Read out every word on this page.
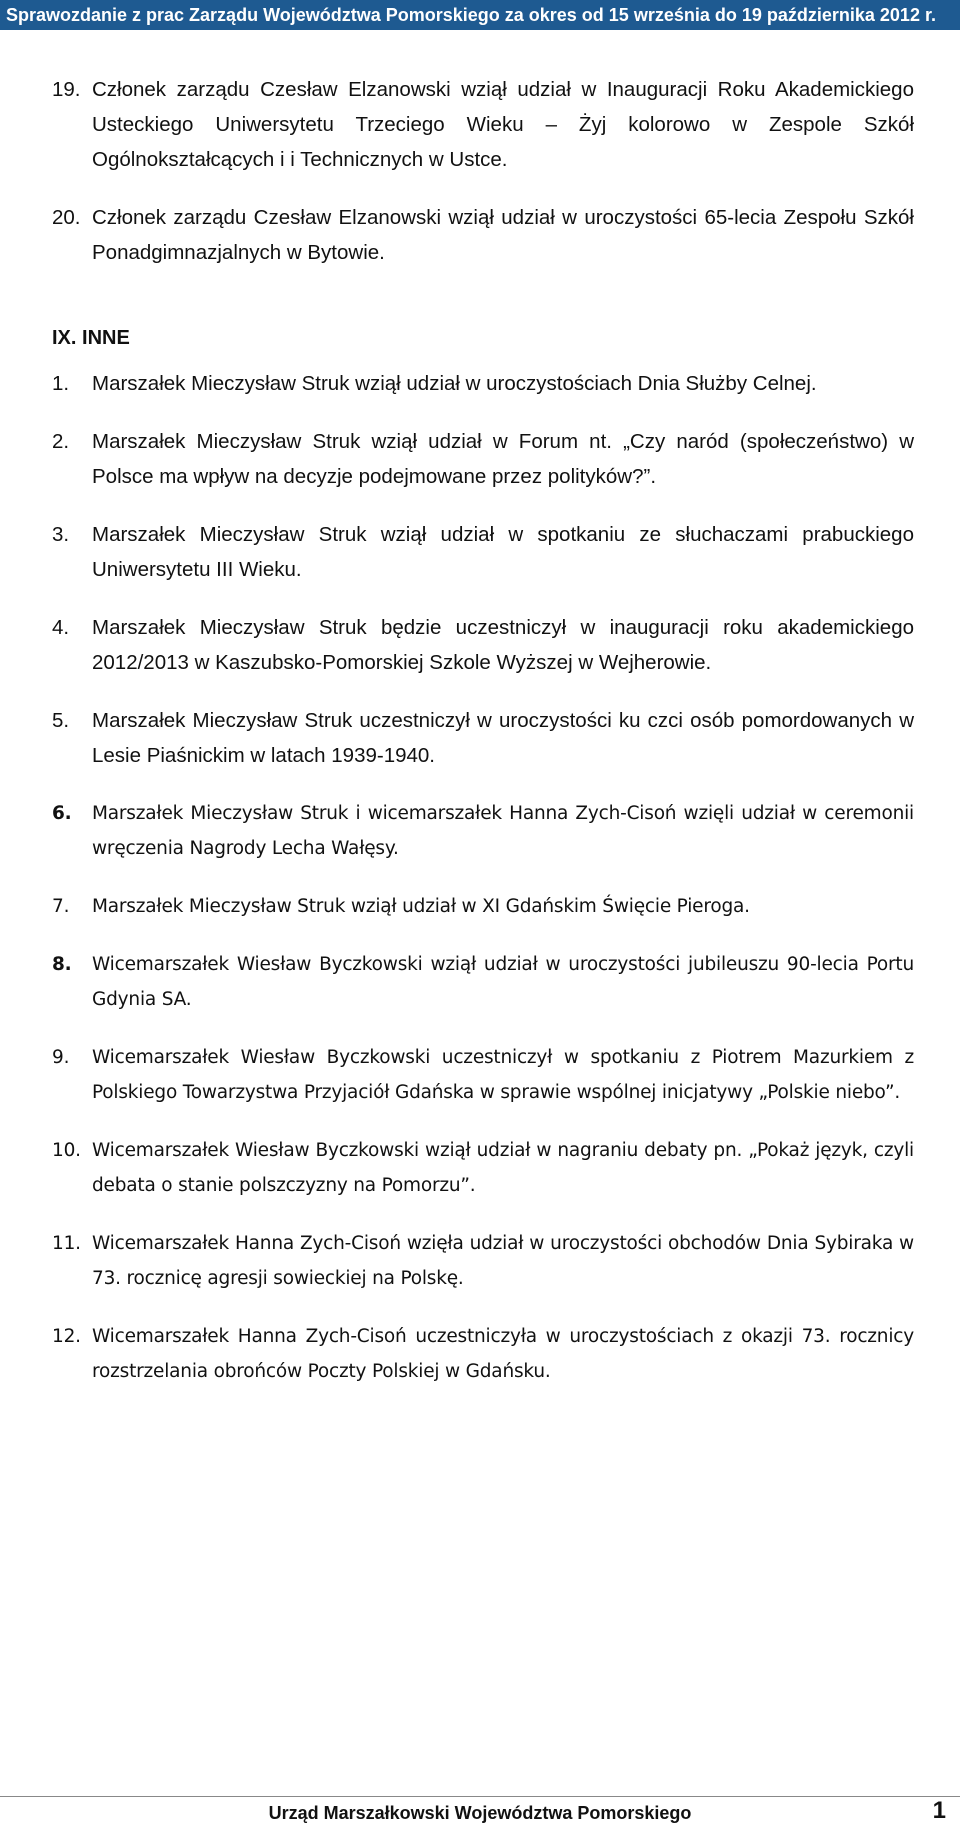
Sprawozdanie z prac Zarządu Województwa Pomorskiego za okres od 15 września do 19 października 2012 r.
19. Członek zarządu Czesław Elzanowski wziął udział w Inauguracji Roku Akademickiego Usteckiego Uniwersytetu Trzeciego Wieku – Żyj kolorowo w Zespole Szkół Ogólnokształcących i i Technicznych w Ustce.
20. Członek zarządu Czesław Elzanowski wziął udział w uroczystości 65-lecia Zespołu Szkół Ponadgimnazjalnych w Bytowie.
IX. INNE
1.	Marszałek Mieczysław Struk wziął udział w uroczystościach Dnia Służby Celnej.
2.	Marszałek Mieczysław Struk wziął udział w Forum nt. „Czy naród (społeczeństwo) w Polsce ma wpływ na decyzje podejmowane przez polityków?”.
3.	Marszałek Mieczysław Struk wziął udział w spotkaniu ze słuchaczami prabuckiego Uniwersytetu III Wieku.
4.	Marszałek Mieczysław Struk będzie uczestniczył w inauguracji roku akademickiego 2012/2013 w Kaszubsko-Pomorskiej Szkole Wyższej w Wejherowie.
5.	Marszałek Mieczysław Struk uczestniczył w uroczystości ku czci osób pomordowanych w Lesie Piaśnickim w latach 1939-1940.
6.	Marszałek Mieczysław Struk i wicemarszałek Hanna Zych-Cisoń wzięli udział w ceremonii wręczenia Nagrody Lecha Wałęsy.
7.	Marszałek Mieczysław Struk wziął udział w XI Gdańskim Święcie Pieroga.
8.	Wicemarszałek Wiesław Byczkowski wziął udział w uroczystości jubileuszu 90-lecia Portu Gdynia SA.
9.	Wicemarszałek Wiesław Byczkowski uczestniczył w spotkaniu z Piotrem Mazurkiem z Polskiego Towarzystwa Przyjaciół Gdańska w sprawie wspólnej inicjatywy „Polskie niebo”.
10. Wicemarszałek Wiesław Byczkowski wziął udział w nagraniu debaty pn. „Pokaż język, czyli debata o stanie polszczyzny na Pomorzu”.
11. Wicemarszałek Hanna Zych-Cisoń wzięła udział w uroczystości obchodów Dnia Sybiraka w 73. rocznicę agresji sowieckiej na Polskę.
12. Wicemarszałek Hanna Zych-Cisoń uczestniczyła w uroczystościach z okazji 73. rocznicy rozstrzelania obrońców Poczty Polskiej w Gdańsku.
Urząd Marszałkowski Województwa Pomorskiego	1
